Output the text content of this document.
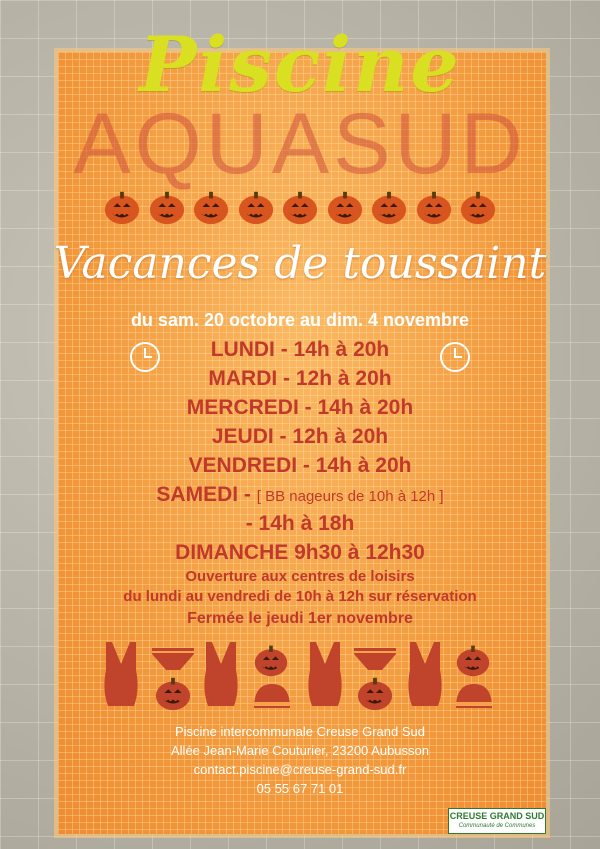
AQUASUD
Piscine
Vacances de toussaint
du sam. 20 octobre au dim. 4 novembre
LUNDI - 14h à 20h
MARDI - 12h à 20h
MERCREDI - 14h à 20h
JEUDI - 12h à 20h
VENDREDI - 14h à 20h
SAMEDI - [ BB nageurs de 10h à 12h ]
- 14h à 18h
DIMANCHE 9h30 à 12h30
Ouverture aux centres de loisirs
du lundi au vendredi de 10h à 12h sur réservation
Fermée le jeudi 1er novembre
Piscine intercommunale Creuse Grand Sud
Allée Jean-Marie Couturier, 23200 Aubusson
contact.piscine@creuse-grand-sud.fr
05 55 67 71 01
CREUSE GRAND SUD
Communauté de Communes
